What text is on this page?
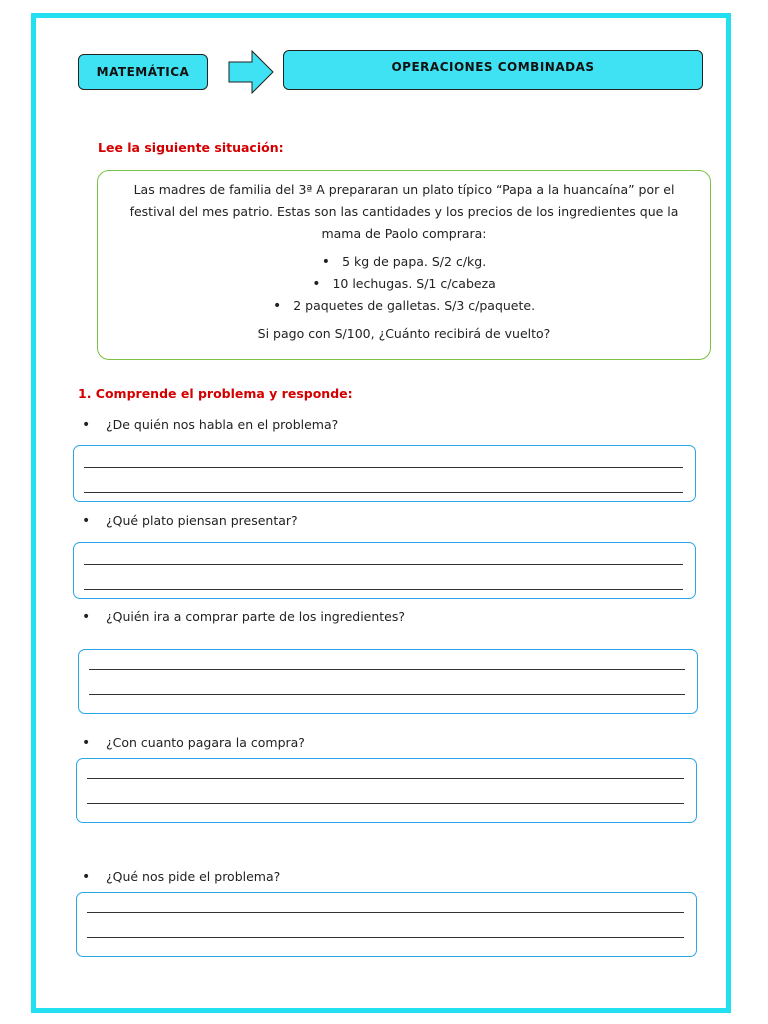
MATEMÁTICA	OPERACIONES COMBINADAS
Lee la siguiente situación:

Las madres de familia del 3ª A prepararan un plato típico “Papa a la huancaína” por el festival del mes patrio. Estas son las cantidades y los precios de los ingredientes que la mama de Paolo comprara:

• 5 kg de papa. S/2 c/kg.
• 10 lechugas. S/1 c/cabeza
• 2 paquetes de galletas. S/3 c/paquete.

Si pago con S/100, ¿Cuánto recibirá de vuelto?

1. Comprende el problema y responde:
• ¿De quién nos habla en el problema?
• ¿Qué plato piensan presentar?
• ¿Quién ira a comprar parte de los ingredientes?
• ¿Con cuanto pagara la compra?
• ¿Qué nos pide el problema?
